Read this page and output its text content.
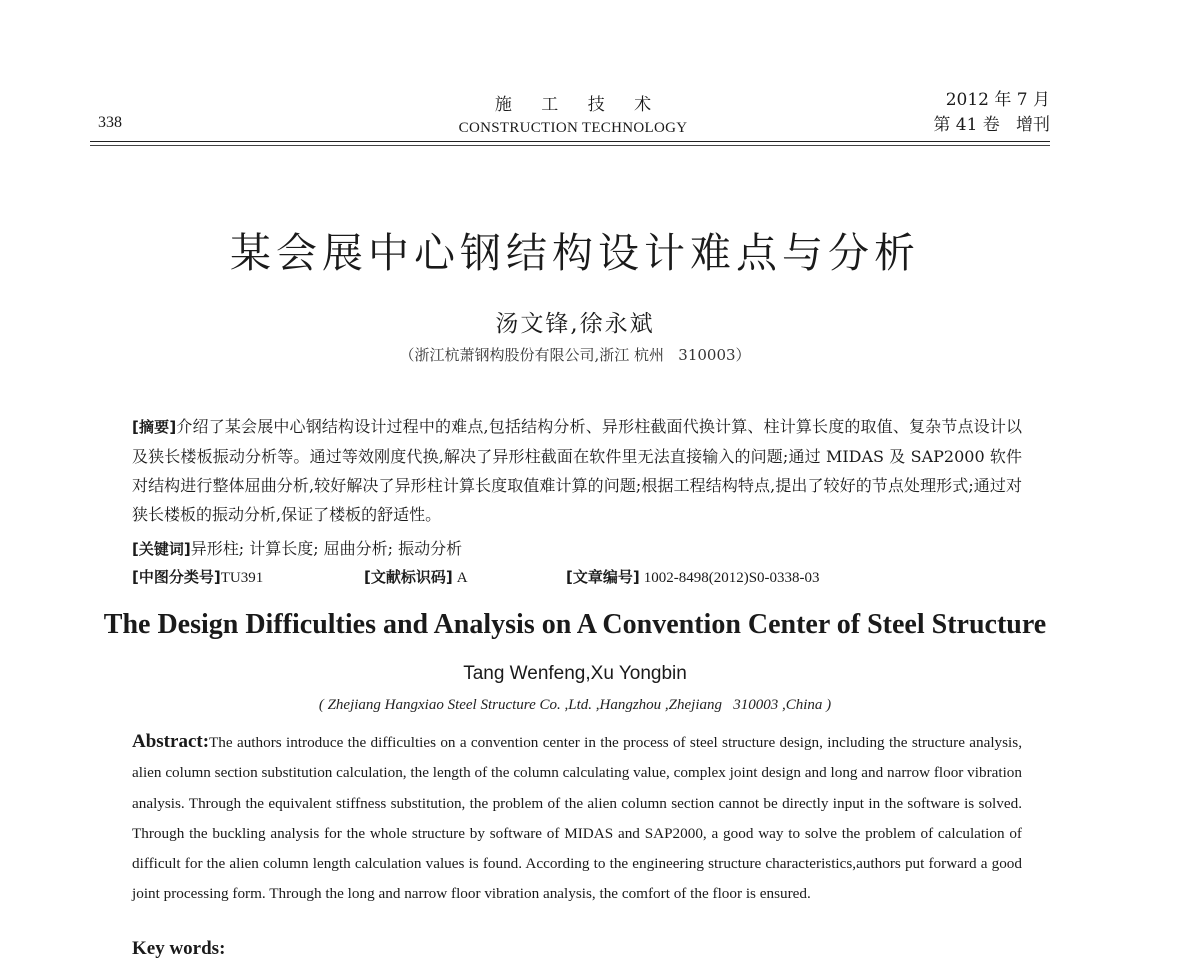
338
施 工 技 术
CONSTRUCTION TECHNOLOGY
2012 年 7 月
第 41 卷   增刊
某会展中心钢结构设计难点与分析
汤文锋,徐永斌
（浙江杭萧钢构股份有限公司,浙江 杭州   310003）
[摘要]介绍了某会展中心钢结构设计过程中的难点,包括结构分析、异形柱截面代换计算、柱计算长度的取值、复杂节点设计以及狭长楼板振动分析等。通过等效刚度代换,解决了异形柱截面在软件里无法直接输入的问题;通过 MIDAS 及 SAP2000 软件对结构进行整体屈曲分析,较好解决了异形柱计算长度取值难计算的问题;根据工程结构特点,提出了较好的节点处理形式;通过对狭长楼板的振动分析,保证了楼板的舒适性。
[关键词]异形柱; 计算长度; 屈曲分析; 振动分析
[中图分类号]TU391	[文献标识码] A	[文章编号] 1002-8498(2012)S0-0338-03
The Design Difficulties and Analysis on A Convention Center of Steel Structure
Tang Wenfeng,Xu Yongbin
( Zhejiang Hangxiao Steel Structure Co. ,Ltd. ,Hangzhou ,Zhejiang   310003 ,China )
Abstract:The authors introduce the difficulties on a convention center in the process of steel structure design, including the structure analysis, alien column section substitution calculation, the length of the column calculating value, complex joint design and long and narrow floor vibration analysis. Through the equivalent stiffness substitution, the problem of the alien column section cannot be directly input in the software is solved. Through the buckling analysis for the whole structure by software of MIDAS and SAP2000, a good way to solve the problem of calculation of difficult for the alien column length calculation values is found. According to the engineering structure characteristics,authors put forward a good joint processing form. Through the long and narrow floor vibration analysis, the comfort of the floor is ensured.
Key words:
